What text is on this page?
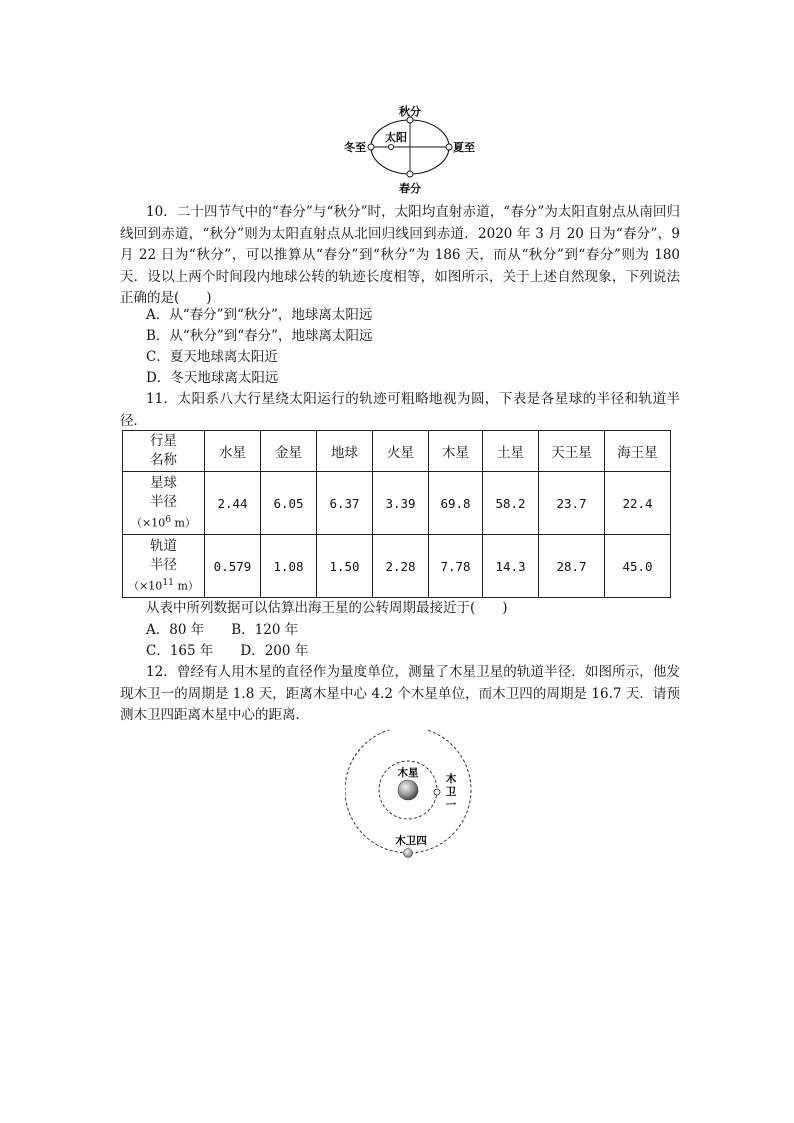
秋分
冬至
太阳
夏至
春分
10．二十四节气中的“春分”与“秋分”时，太阳均直射赤道，“春分”为太阳直射点从南回归线回到赤道，“秋分”则为太阳直射点从北回归线回到赤道．2020 年 3 月 20 日为“春分”，9 月 22 日为“秋分”，可以推算从“春分”到“秋分”为 186 天，而从“秋分”到“春分”则为 180 天．设以上两个时间段内地球公转的轨迹长度相等，如图所示，关于上述自然现象，下列说法正确的是(　　)
A．从“春分”到“秋分”，地球离太阳远
B．从“秋分”到“春分”，地球离太阳远
C．夏天地球离太阳近
D．冬天地球离太阳远
11．太阳系八大行星绕太阳运行的轨迹可粗略地视为圆，下表是各星球的半径和轨道半径．
行星
名称	水星	金星	地球	火星	木星	土星	天王星	海王星

星球
半径
（$\times 10^6$ m）	2.44	6.05	6.37	3.39	69.8	58.2	23.7	22.4

轨道
半径
（$\times 10^{11}$ m）	0.579	1.08	1.50	2.28	7.78	14.3	28.7	45.0
从表中所列数据可以估算出海王星的公转周期最接近于(　　)
A．80 年　　B．120 年
C．165 年　　D．200 年
12．曾经有人用木星的直径作为量度单位，测量了木星卫星的轨道半径．如图所示，他发现木卫一的周期是 1.8 天，距离木星中心 4.2 个木星单位，而木卫四的周期是 16.7 天．请预测木卫四距离木星中心的距离．
木星	木
卫
一
木卫四
